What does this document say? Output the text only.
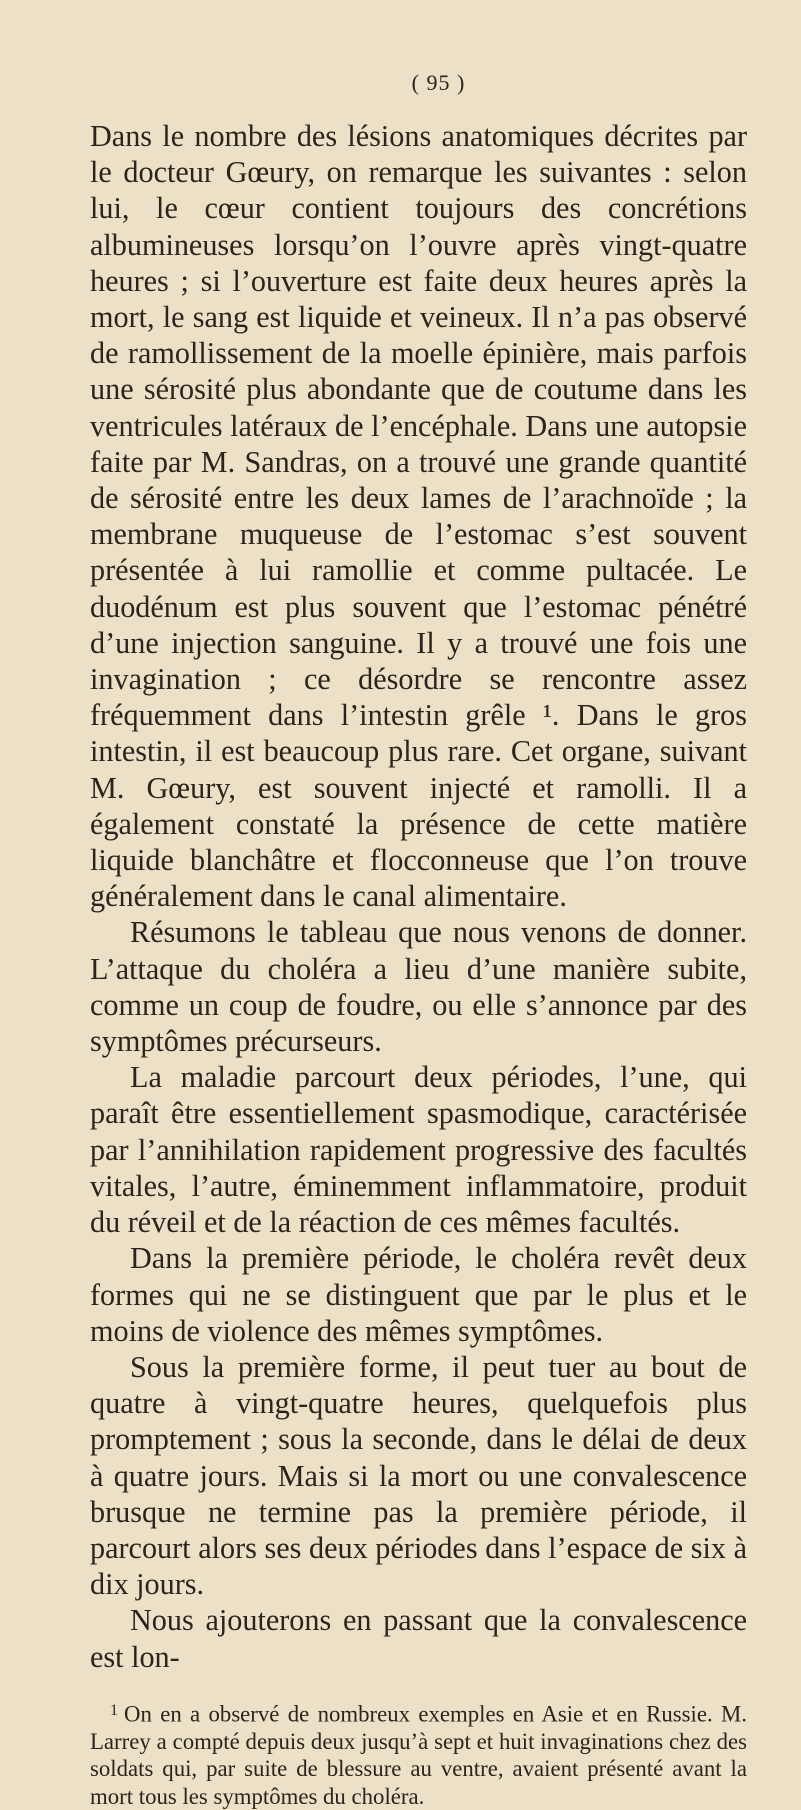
( 95 )

Dans le nombre des lésions anatomiques décrites par le docteur Gœury, on remarque les suivantes : selon lui, le cœur contient toujours des concrétions albumineuses lorsqu’on l’ouvre après vingt-quatre heures ; si l’ouverture est faite deux heures après la mort, le sang est liquide et veineux. Il n’a pas observé de ramollissement de la moelle épinière, mais parfois une sérosité plus abondante que de coutume dans les ventricules latéraux de l’encéphale. Dans une autopsie faite par M. Sandras, on a trouvé une grande quantité de sérosité entre les deux lames de l’arachnoïde ; la membrane muqueuse de l’estomac s’est souvent présentée à lui ramollie et comme pultacée. Le duodénum est plus souvent que l’estomac pénétré d’une injection sanguine. Il y a trouvé une fois une invagination ; ce désordre se rencontre assez fréquemment dans l’intestin grêle ¹. Dans le gros intestin, il est beaucoup plus rare. Cet organe, suivant M. Gœury, est souvent injecté et ramolli. Il a également constaté la présence de cette matière liquide blanchâtre et flocconneuse que l’on trouve généralement dans le canal alimentaire.

Résumons le tableau que nous venons de donner. L’attaque du choléra a lieu d’une manière subite, comme un coup de foudre, ou elle s’annonce par des symptômes précurseurs.

La maladie parcourt deux périodes, l’une, qui paraît être essentiellement spasmodique, caractérisée par l’annihilation rapidement progressive des facultés vitales, l’autre, éminemment inflammatoire, produit du réveil et de la réaction de ces mêmes facultés.

Dans la première période, le choléra revêt deux formes qui ne se distinguent que par le plus et le moins de violence des mêmes symptômes.

Sous la première forme, il peut tuer au bout de quatre à vingt-quatre heures, quelquefois plus promptement ; sous la seconde, dans le délai de deux à quatre jours. Mais si la mort ou une convalescence brusque ne termine pas la première période, il parcourt alors ses deux périodes dans l’espace de six à dix jours.

Nous ajouterons en passant que la convalescence est lon-

$^1$ On en a observé de nombreux exemples en Asie et en Russie. M. Larrey a compté depuis deux jusqu’à sept et huit invaginations chez des soldats qui, par suite de blessure au ventre, avaient présenté avant la mort tous les symptômes du choléra.
